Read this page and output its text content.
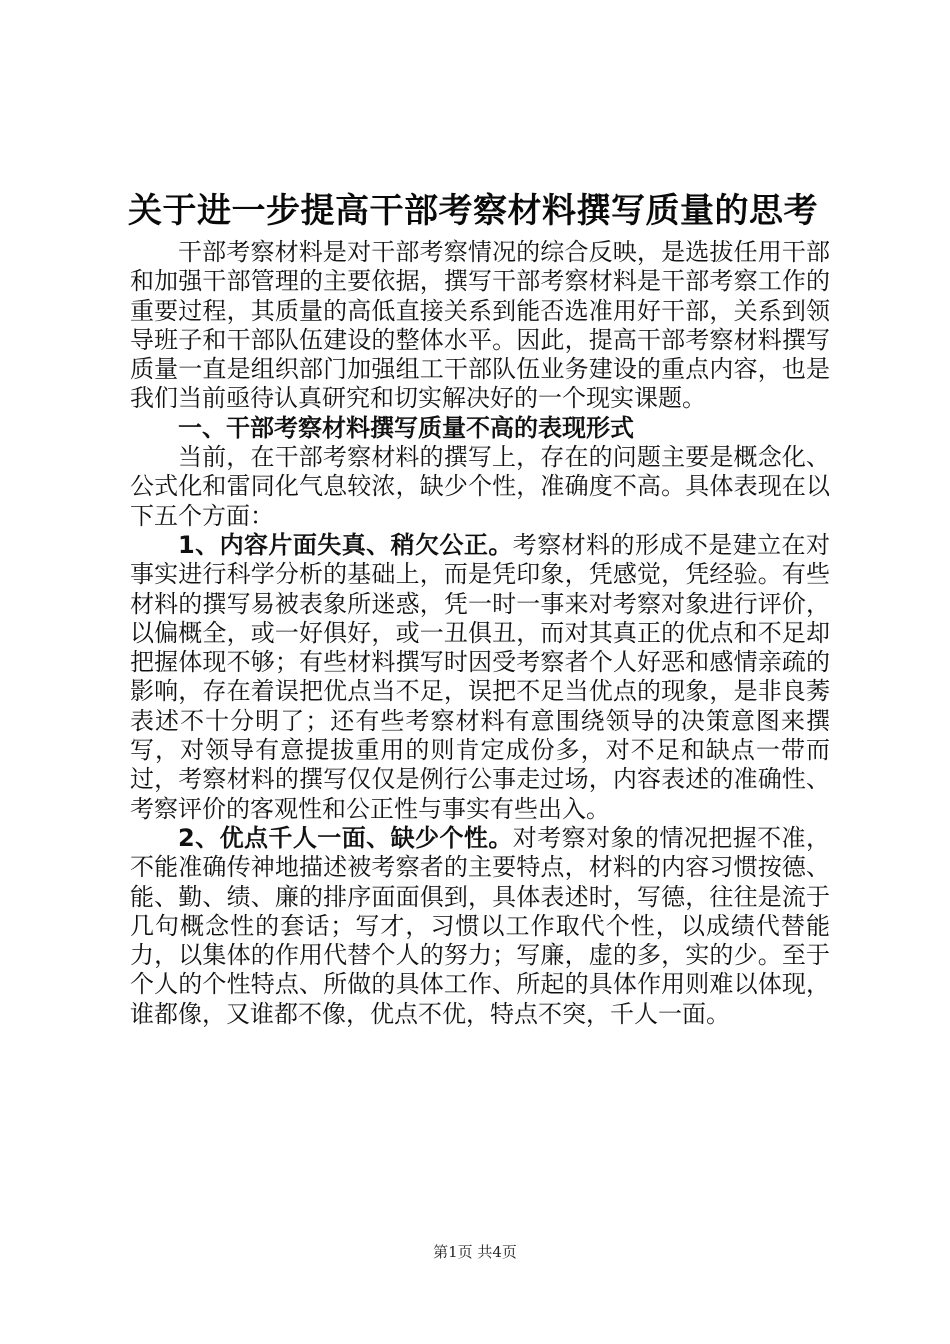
关于进一步提高干部考察材料撰写质量的思考

干部考察材料是对干部考察情况的综合反映，是选拔任用干部和加强干部管理的主要依据，撰写干部考察材料是干部考察工作的重要过程，其质量的高低直接关系到能否选准用好干部，关系到领导班子和干部队伍建设的整体水平。因此，提高干部考察材料撰写质量一直是组织部门加强组工干部队伍业务建设的重点内容，也是我们当前亟待认真研究和切实解决好的一个现实课题。

一、干部考察材料撰写质量不高的表现形式

当前，在干部考察材料的撰写上，存在的问题主要是概念化、公式化和雷同化气息较浓，缺少个性，准确度不高。具体表现在以下五个方面：

1、内容片面失真、稍欠公正。考察材料的形成不是建立在对事实进行科学分析的基础上，而是凭印象，凭感觉，凭经验。有些材料的撰写易被表象所迷惑，凭一时一事来对考察对象进行评价，以偏概全，或一好俱好，或一丑俱丑，而对其真正的优点和不足却把握体现不够；有些材料撰写时因受考察者个人好恶和感情亲疏的影响，存在着误把优点当不足，误把不足当优点的现象，是非良莠表述不十分明了；还有些考察材料有意围绕领导的决策意图来撰写，对领导有意提拔重用的则肯定成份多，对不足和缺点一带而过，考察材料的撰写仅仅是例行公事走过场，内容表述的准确性、考察评价的客观性和公正性与事实有些出入。

2、优点千人一面、缺少个性。对考察对象的情况把握不准，不能准确传神地描述被考察者的主要特点，材料的内容习惯按德、能、勤、绩、廉的排序面面俱到，具体表述时，写德，往往是流于几句概念性的套话；写才，习惯以工作取代个性，以成绩代替能力，以集体的作用代替个人的努力；写廉，虚的多，实的少。至于个人的个性特点、所做的具体工作、所起的具体作用则难以体现，谁都像，又谁都不像，优点不优，特点不突，千人一面。

第1页 共4页
